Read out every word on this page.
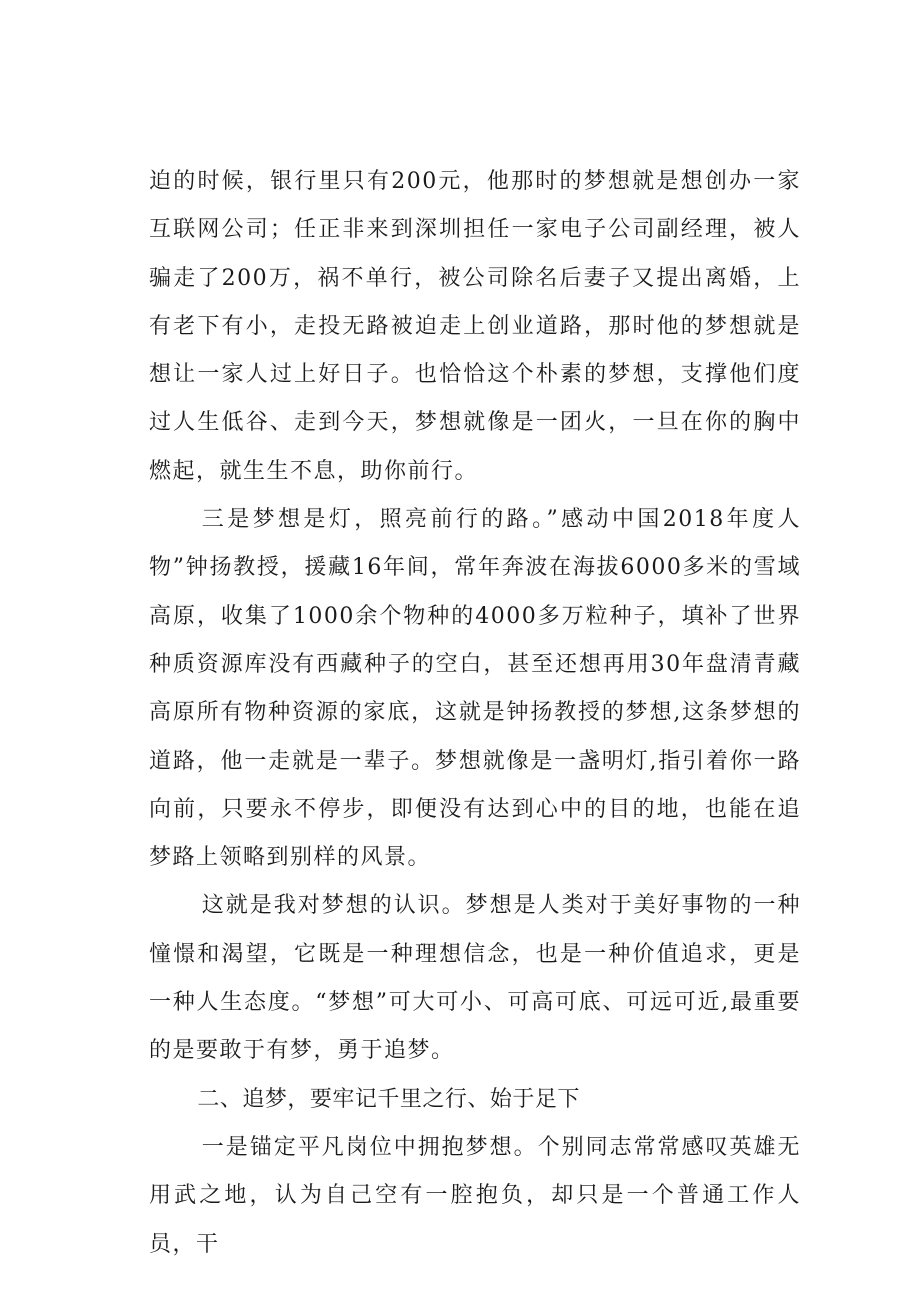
迫的时候，银行里只有200元，他那时的梦想就是想创办一家互联网公司；任正非来到深圳担任一家电子公司副经理，被人骗走了200万，祸不单行，被公司除名后妻子又提出离婚，上有老下有小，走投无路被迫走上创业道路，那时他的梦想就是想让一家人过上好日子。也恰恰这个朴素的梦想，支撑他们度过人生低谷、走到今天，梦想就像是一团火，一旦在你的胸中燃起，就生生不息，助你前行。

三是梦想是灯，照亮前行的路。”感动中国2018年度人物”钟扬教授，援藏16年间，常年奔波在海拔6000多米的雪域高原，收集了1000余个物种的4000多万粒种子，填补了世界种质资源库没有西藏种子的空白，甚至还想再用30年盘清青藏高原所有物种资源的家底，这就是钟扬教授的梦想,这条梦想的道路，他一走就是一辈子。梦想就像是一盏明灯,指引着你一路向前，只要永不停步，即便没有达到心中的目的地，也能在追梦路上领略到别样的风景。

这就是我对梦想的认识。梦想是人类对于美好事物的一种憧憬和渴望，它既是一种理想信念，也是一种价值追求，更是一种人生态度。“梦想”可大可小、可高可底、可远可近,最重要的是要敢于有梦，勇于追梦。

二、追梦，要牢记千里之行、始于足下

一是锚定平凡岗位中拥抱梦想。个别同志常常感叹英雄无用武之地，认为自己空有一腔抱负，却只是一个普通工作人员，干
